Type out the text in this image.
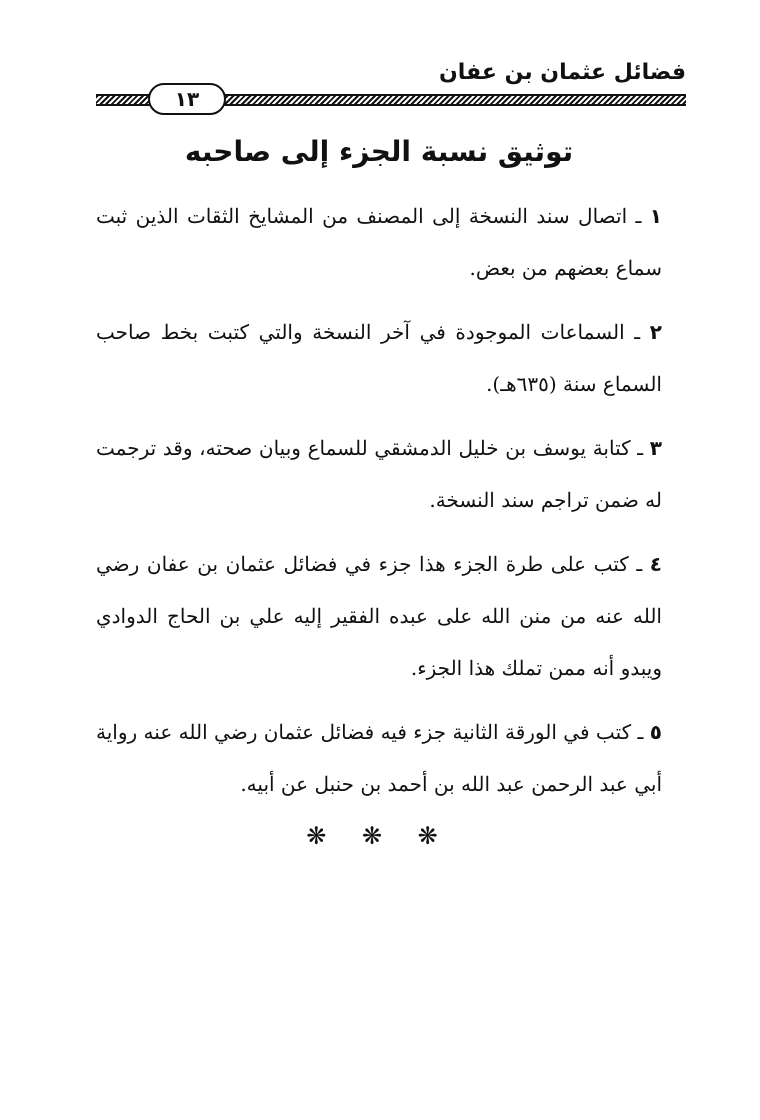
فضائل عثمان بن عفان
١٣
توثيق نسبة الجزء إلى صاحبه

١ ـ اتصال سند النسخة إلى المصنف من المشايخ الثقات الذين ثبت سماع بعضهم من بعض.

٢ ـ السماعات الموجودة في آخر النسخة والتي كتبت بخط صاحب السماع سنة (٦٣٥هـ).

٣ ـ كتابة يوسف بن خليل الدمشقي للسماع وبيان صحته، وقد ترجمت له ضمن تراجم سند النسخة.

٤ ـ كتب على طرة الجزء هذا جزء في فضائل عثمان بن عفان رضي الله عنه من منن الله على عبده الفقير إليه علي بن الحاج الدوادي ويبدو أنه ممن تملك هذا الجزء.

٥ ـ كتب في الورقة الثانية جزء فيه فضائل عثمان رضي الله عنه رواية أبي عبد الرحمن عبد الله بن أحمد بن حنبل عن أبيه.

❋ ❋ ❋
